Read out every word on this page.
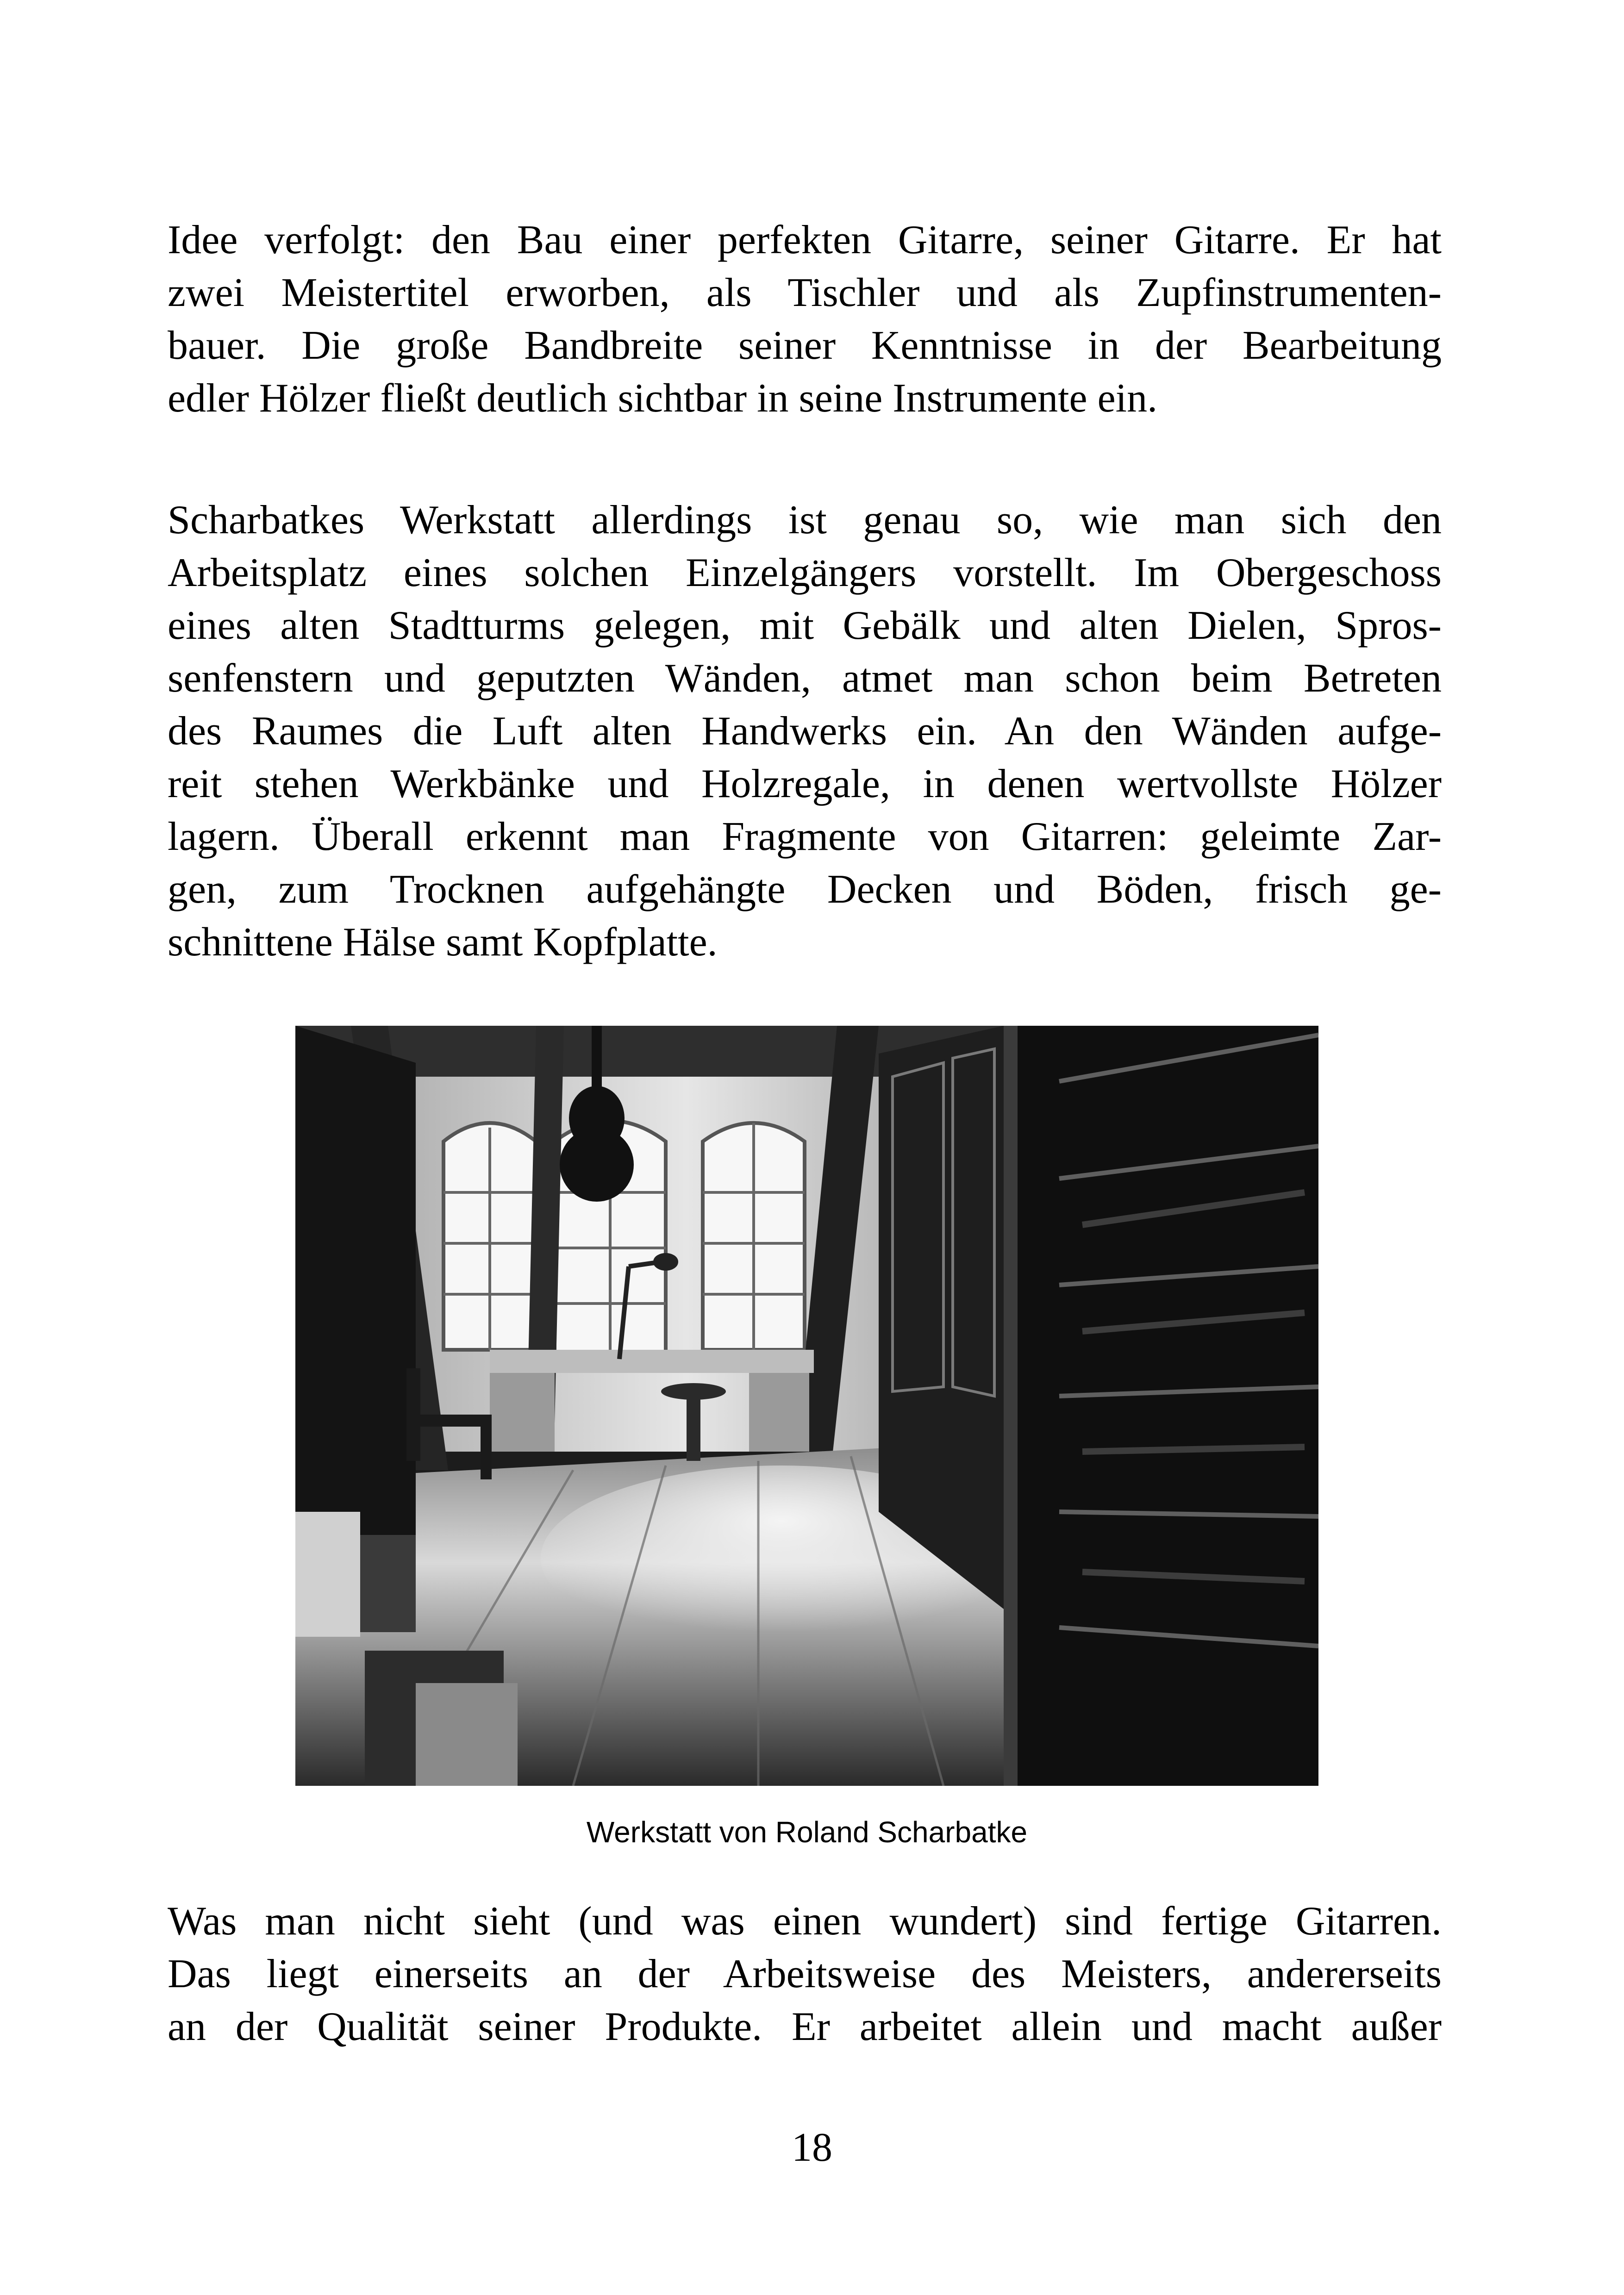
Idee verfolgt: den Bau einer perfekten Gitarre, seiner Gitarre. Er hat
zwei Meistertitel erworben, als Tischler und als Zupfinstrumenten-
bauer. Die große Bandbreite seiner Kenntnisse in der Bearbeitung
edler Hölzer fließt deutlich sichtbar in seine Instrumente ein.
Scharbatkes Werkstatt allerdings ist genau so, wie man sich den
Arbeitsplatz eines solchen Einzelgängers vorstellt. Im Obergeschoss
eines alten Stadtturms gelegen, mit Gebälk und alten Dielen, Spros-
senfenstern und geputzten Wänden, atmet man schon beim Betreten
des Raumes die Luft alten Handwerks ein. An den Wänden aufge-
reit stehen Werkbänke und Holzregale, in denen wertvollste Hölzer
lagern. Überall erkennt man Fragmente von Gitarren: geleimte Zar-
gen, zum Trocknen aufgehängte Decken und Böden, frisch ge-
schnittene Hälse samt Kopfplatte.
Werkstatt von Roland Scharbatke
Was man nicht sieht (und was einen wundert) sind fertige Gitarren.
Das liegt einerseits an der Arbeitsweise des Meisters, andererseits
an der Qualität seiner Produkte. Er arbeitet allein und macht außer
18
